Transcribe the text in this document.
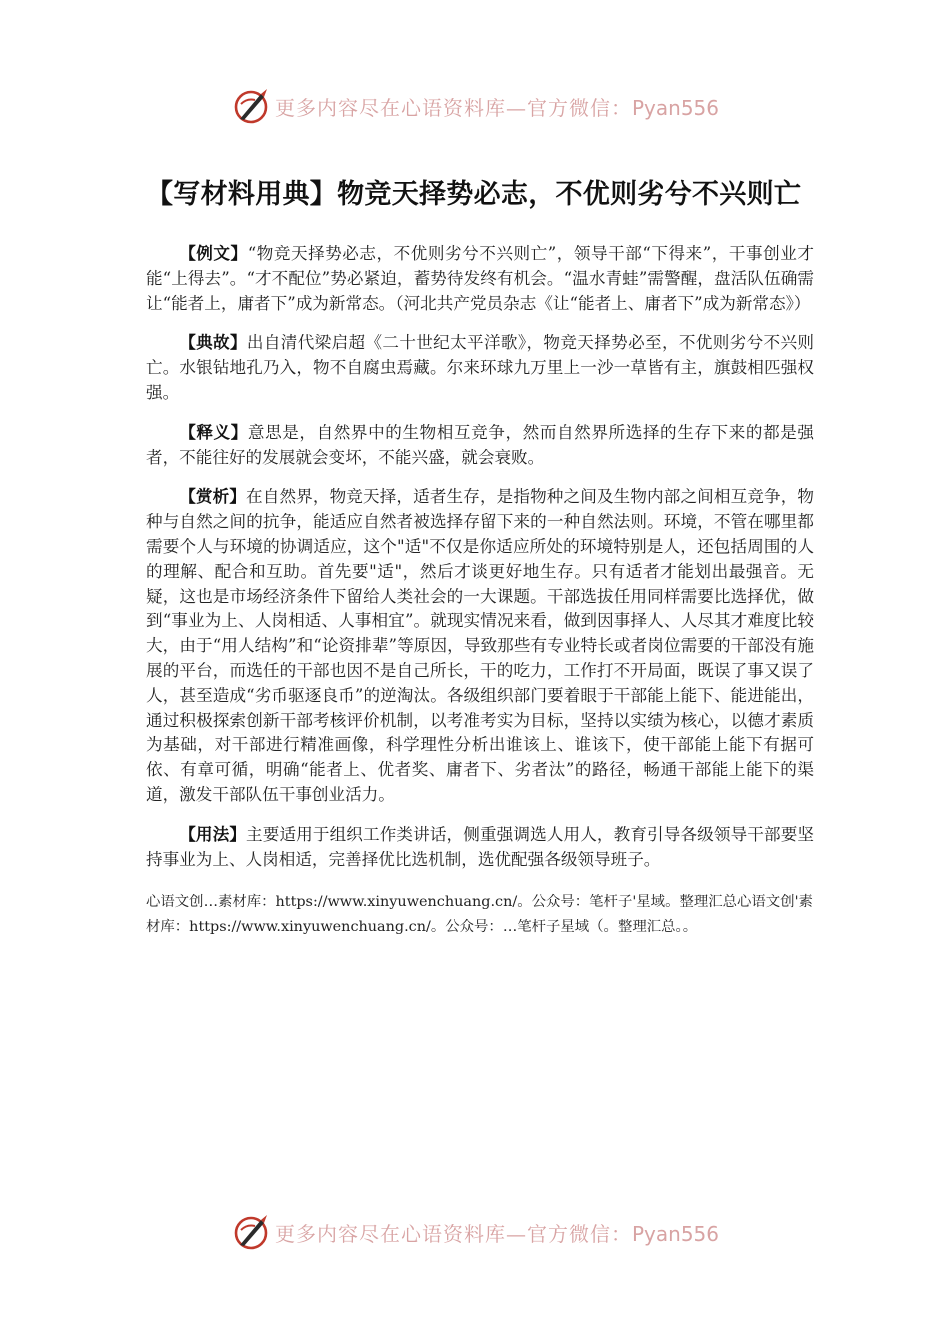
更多内容尽在心语资料库—官方微信：Pyan556
【写材料用典】物竞天择势必志，不优则劣兮不兴则亡

【例文】“物竞天择势必志，不优则劣兮不兴则亡”，领导干部“下得来”，干事创业才能“上得去”。“才不配位”势必紧迫，蓄势待发终有机会。“温水青蛙”需警醒，盘活队伍确需让“能者上，庸者下”成为新常态。（河北共产党员杂志《让“能者上、庸者下”成为新常态》）

【典故】出自清代梁启超《二十世纪太平洋歌》，物竞天择势必至，不优则劣兮不兴则亡。水银钻地孔乃入，物不自腐虫焉藏。尔来环球九万里上一沙一草皆有主，旗鼓相匹强权强。

【释义】意思是，自然界中的生物相互竞争，然而自然界所选择的生存下来的都是强者，不能往好的发展就会变坏，不能兴盛，就会衰败。

【赏析】在自然界，物竞天择，适者生存，是指物种之间及生物内部之间相互竞争，物种与自然之间的抗争，能适应自然者被选择存留下来的一种自然法则。环境，不管在哪里都需要个人与环境的协调适应，这个"适"不仅是你适应所处的环境特别是人，还包括周围的人的理解、配合和互助。首先要"适"，然后才谈更好地生存。只有适者才能划出最强音。无疑，这也是市场经济条件下留给人类社会的一大课题。干部选拔任用同样需要比选择优，做到“事业为上、人岗相适、人事相宜”。就现实情况来看，做到因事择人、人尽其才难度比较大，由于“用人结构”和“论资排辈”等原因，导致那些有专业特长或者岗位需要的干部没有施展的平台，而选任的干部也因不是自己所长，干的吃力，工作打不开局面，既误了事又误了人，甚至造成“劣币驱逐良币”的逆淘汰。各级组织部门要着眼于干部能上能下、能进能出，通过积极探索创新干部考核评价机制，以考准考实为目标，坚持以实绩为核心，以德才素质为基础，对干部进行精准画像，科学理性分析出谁该上、谁该下，使干部能上能下有据可依、有章可循，明确“能者上、优者奖、庸者下、劣者汰”的路径，畅通干部能上能下的渠道，激发干部队伍干事创业活力。

【用法】主要适用于组织工作类讲话，侧重强调选人用人，教育引导各级领导干部要坚持事业为上、人岗相适，完善择优比选机制，选优配强各级领导班子。

心语文创…素材库：https://www.xinyuwenchuang.cn/。公众号：笔杆子'星域。整理汇总心语文创'素材库：https://www.xinyuwenchuang.cn/。公众号：…笔杆子星域（。整理汇总。。
更多内容尽在心语资料库—官方微信：Pyan556
